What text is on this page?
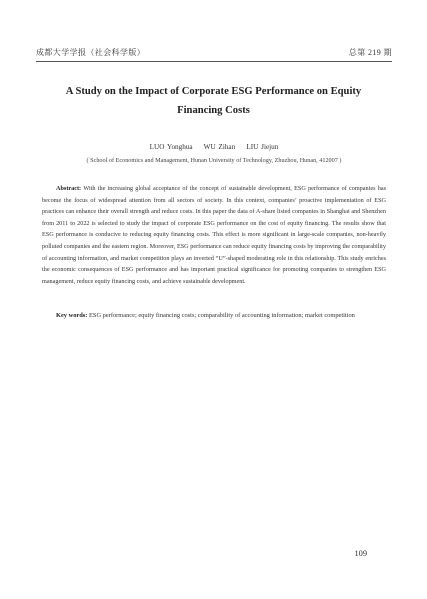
成都大学学报（社会科学版）	总第 219 期
A Study on the Impact of Corporate ESG Performance on Equity Financing Costs
LUO Yonghua    WU Zihan    LIU Jiejun
( School of Economics and Management, Hunan University of Technology, Zhuzhou, Hunan, 412007 )
Abstract: With the increasing global acceptance of the concept of sustainable development, ESG performance of companies has become the focus of widespread attention from all sectors of society. In this context, companies’ proactive implementation of ESG practices can enhance their overall strength and reduce costs. In this paper the data of A-share listed companies in Shanghai and Shenzhen from 2011 to 2022 is selected to study the impact of corporate ESG performance on the cost of equity financing. The results show that ESG performance is conducive to reducing equity financing costs. This effect is more significant in large-scale companies, non-heavily polluted companies and the eastern region. Moreover, ESG performance can reduce equity financing costs by improving the comparability of accounting information, and market competition plays an inverted “U”-shaped moderating role in this relationship. This study enriches the economic consequences of ESG performance and has important practical significance for promoting companies to strengthen ESG management, reduce equity financing costs, and achieve sustainable development.
Key words: ESG performance; equity financing costs; comparability of accounting information; market competition
109
